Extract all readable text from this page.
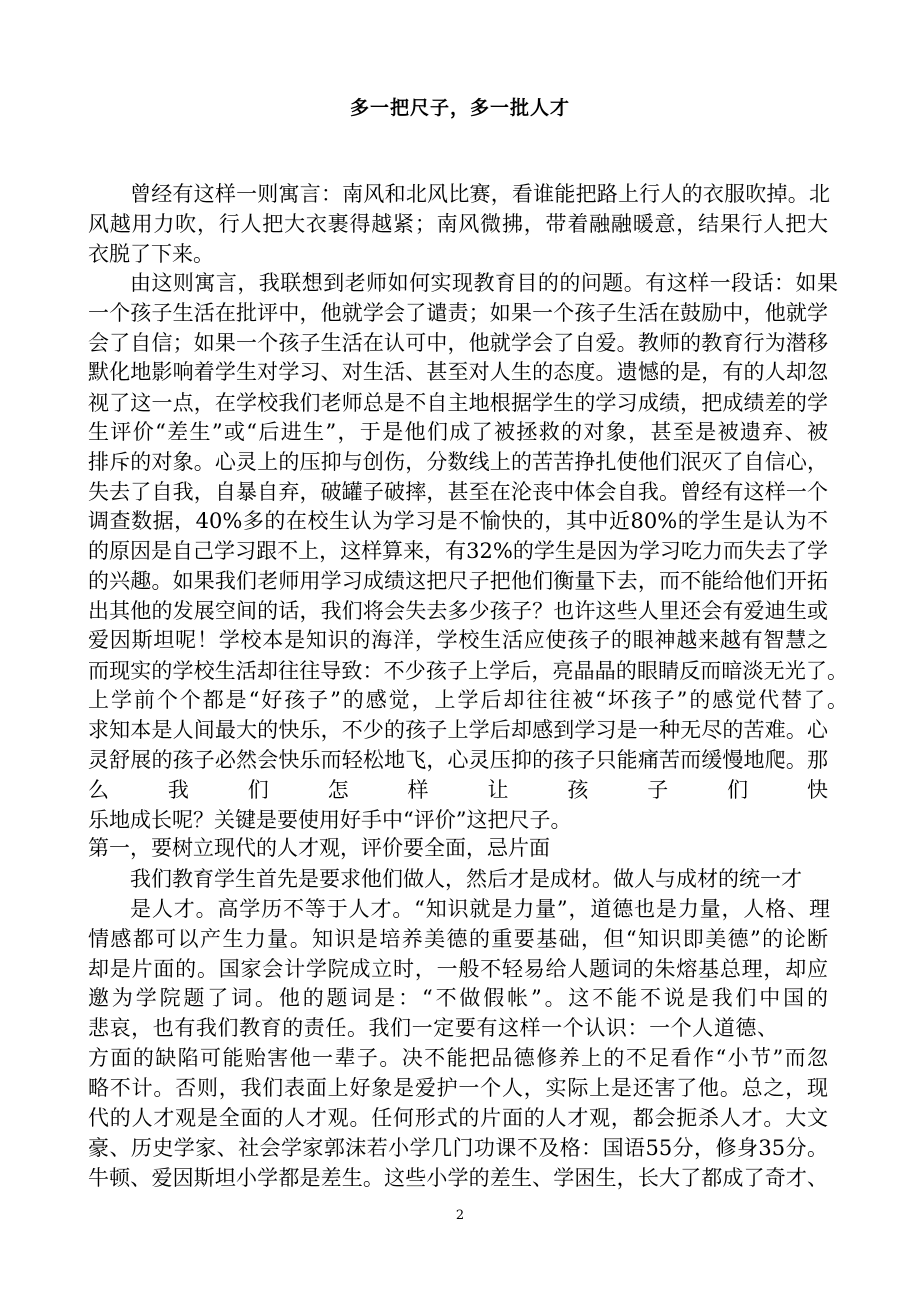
多一把尺子，多一批人才
曾经有这样一则寓言：南风和北风比赛，看谁能把路上行人的衣服吹掉。北
风越用力吹，行人把大衣裹得越紧；南风微拂，带着融融暖意，结果行人把大
衣脱了下来。
由这则寓言，我联想到老师如何实现教育目的的问题。有这样一段话：如果
一个孩子生活在批评中，他就学会了谴责；如果一个孩子生活在鼓励中，他就学
会了自信；如果一个孩子生活在认可中，他就学会了自爱。教师的教育行为潜移
默化地影响着学生对学习、对生活、甚至对人生的态度。遗憾的是，有的人却忽
视了这一点，在学校我们老师总是不自主地根据学生的学习成绩，把成绩差的学
生评价“差生”或“后进生”，于是他们成了被拯救的对象，甚至是被遗弃、被
排斥的对象。心灵上的压抑与创伤，分数线上的苦苦挣扎使他们泯灭了自信心，
失去了自我，自暴自弃，破罐子破摔，甚至在沦丧中体会自我。曾经有这样一个
调查数据，40%多的在校生认为学习是不愉快的，其中近80%的学生是认为不
的原因是自己学习跟不上，这样算来，有32%的学生是因为学习吃力而失去了学
的兴趣。如果我们老师用学习成绩这把尺子把他们衡量下去，而不能给他们开拓
出其他的发展空间的话，我们将会失去多少孩子？也许这些人里还会有爱迪生或
爱因斯坦呢！学校本是知识的海洋，学校生活应使孩子的眼神越来越有智慧之
而现实的学校生活却往往导致：不少孩子上学后，亮晶晶的眼睛反而暗淡无光了。
上学前个个都是“好孩子”的感觉，上学后却往往被“坏孩子”的感觉代替了。
求知本是人间最大的快乐，不少的孩子上学后却感到学习是一种无尽的苦难。心
灵舒展的孩子必然会快乐而轻松地飞，心灵压抑的孩子只能痛苦而缓慢地爬。那
么我们怎样让孩子们快
乐地成长呢？关键是要使用好手中“评价”这把尺子。
第一，要树立现代的人才观，评价要全面，忌片面
我们教育学生首先是要求他们做人，然后才是成材。做人与成材的统一才
是人才。高学历不等于人才。“知识就是力量”，道德也是力量，人格、理
情感都可以产生力量。知识是培养美德的重要基础，但“知识即美德”的论断
却是片面的。国家会计学院成立时，一般不轻易给人题词的朱熔基总理，却应
邀为学院题了词。他的题词是：“不做假帐”。这不能不说是我们中国的
悲哀，也有我们教育的责任。我们一定要有这样一个认识：一个人道德、
方面的缺陷可能贻害他一辈子。决不能把品德修养上的不足看作“小节”而忽
略不计。否则，我们表面上好象是爱护一个人，实际上是还害了他。总之，现
代的人才观是全面的人才观。任何形式的片面的人才观，都会扼杀人才。大文
豪、历史学家、社会学家郭沫若小学几门功课不及格：国语55分，修身35分。
牛顿、爱因斯坦小学都是差生。这些小学的差生、学困生，长大了都成了奇才、
2
